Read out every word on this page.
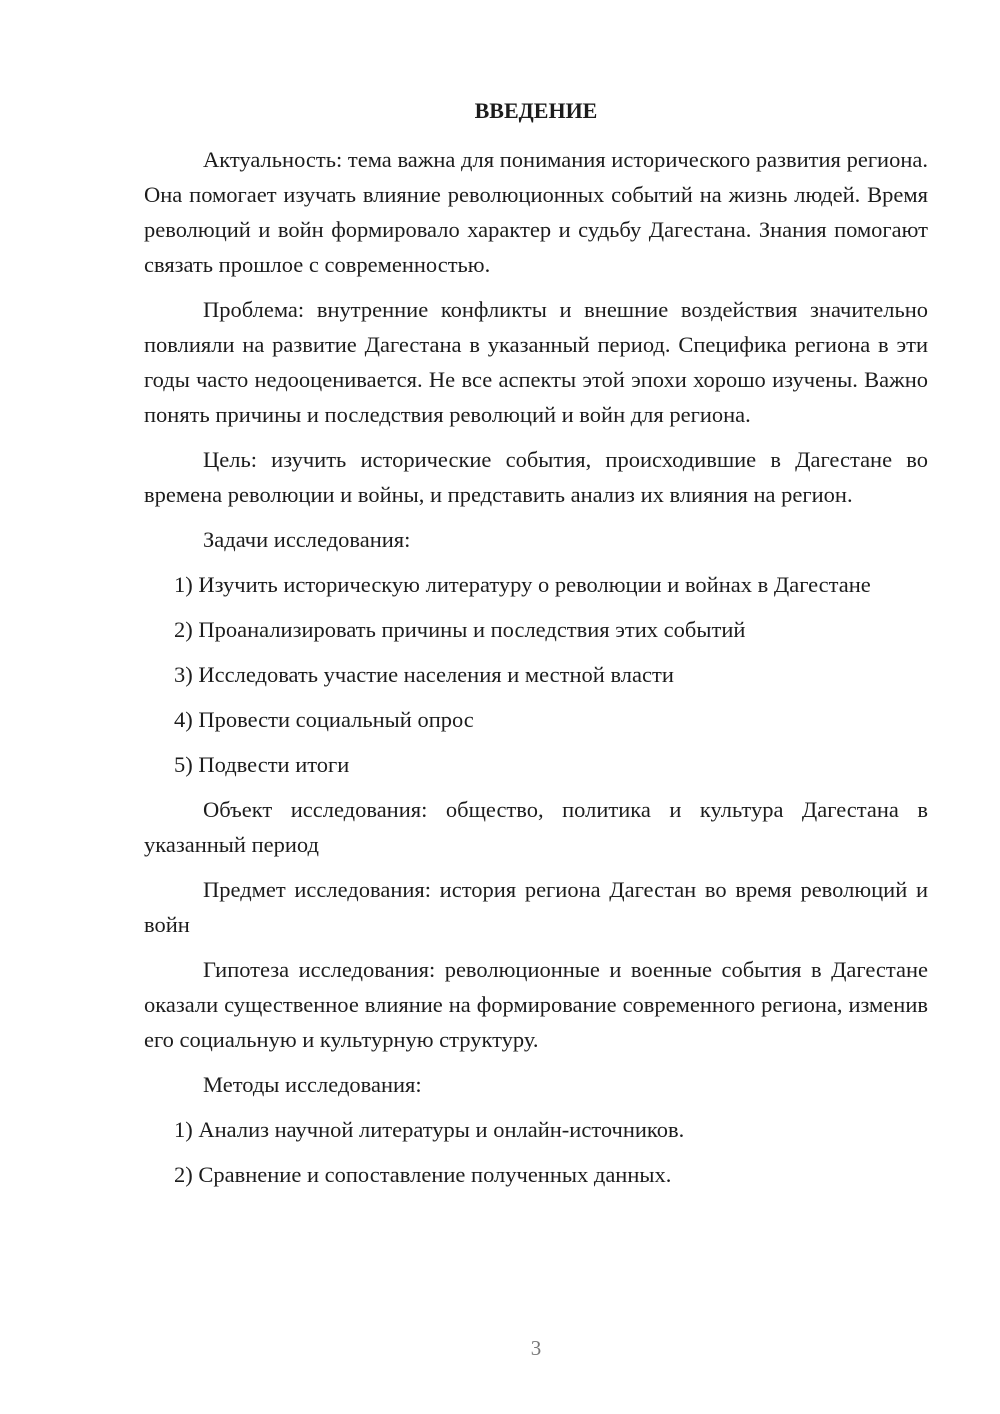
ВВЕДЕНИЕ

Актуальность: тема важна для понимания исторического развития региона. Она помогает изучать влияние революционных событий на жизнь людей. Время революций и войн формировало характер и судьбу Дагестана. Знания помогают связать прошлое с современностью.

Проблема: внутренние конфликты и внешние воздействия значительно повлияли на развитие Дагестана в указанный период. Специфика региона в эти годы часто недооценивается. Не все аспекты этой эпохи хорошо изучены. Важно понять причины и последствия революций и войн для региона.

Цель: изучить исторические события, происходившие в Дагестане во времена революции и войны, и представить анализ их влияния на регион.

Задачи исследования:

1) Изучить историческую литературу о революции и войнах в Дагестане

2) Проанализировать причины и последствия этих событий

3) Исследовать участие населения и местной власти

4) Провести социальный опрос

5) Подвести итоги

Объект исследования: общество, политика и культура Дагестана в указанный период

Предмет исследования: история региона Дагестан во время революций и войн

Гипотеза исследования: революционные и военные события в Дагестане оказали существенное влияние на формирование современного региона, изменив его социальную и культурную структуру.

Методы исследования:

1) Анализ научной литературы и онлайн-источников.

2) Сравнение и сопоставление полученных данных.

3
